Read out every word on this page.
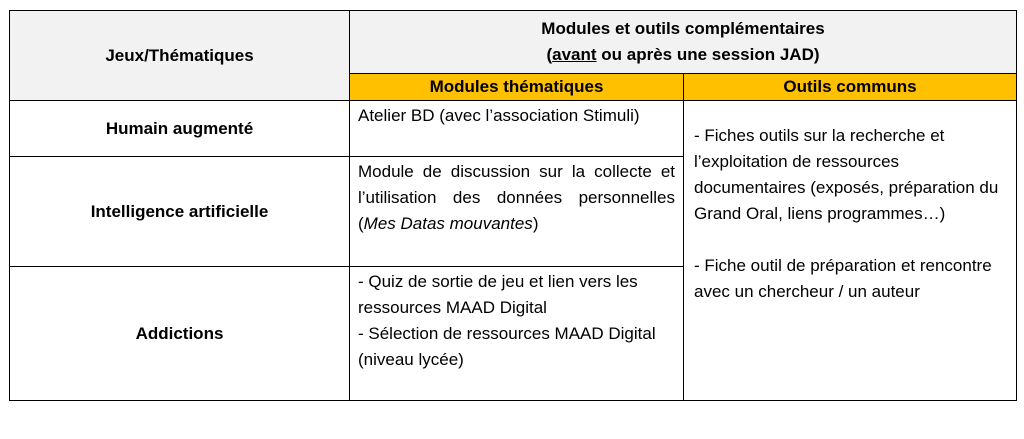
Jeux/Thématiques	Modules et outils complémentaires
(avant ou après une session JAD)	

	Modules thématiques	Outils communs
Humain augmenté	Atelier BD (avec l’association Stimuli)	- Fiches outils sur la recherche et l’exploitation de ressources documentaires (exposés, préparation du Grand Oral, liens programmes…)
- Fiche outil de préparation et rencontre avec un chercheur / un auteur

Intelligence artificielle	Module de discussion sur la collecte et l’utilisation des données personnelles (Mes Datas mouvantes)	
Addictions	- Quiz de sortie de jeu et lien vers les ressources MAAD Digital
- Sélection de ressources MAAD Digital (niveau lycée)	
